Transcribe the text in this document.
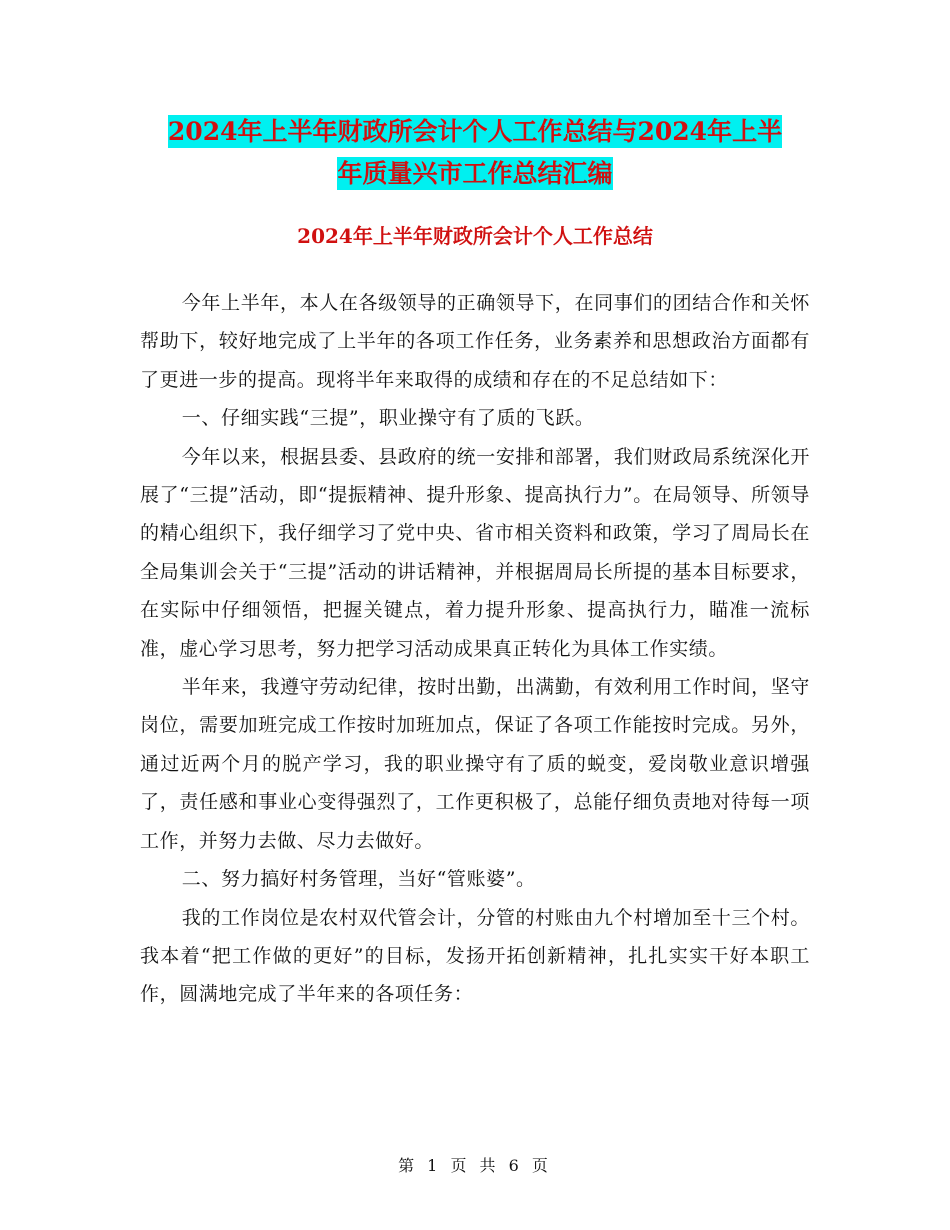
2024年上半年财政所会计个人工作总结与2024年上半
年质量兴市工作总结汇编
2024年上半年财政所会计个人工作总结

今年上半年，本人在各级领导的正确领导下，在同事们的团结合作和关怀帮助下，较好地完成了上半年的各项工作任务，业务素养和思想政治方面都有了更进一步的提高。现将半年来取得的成绩和存在的不足总结如下：

一、仔细实践“三提”，职业操守有了质的飞跃。

今年以来，根据县委、县政府的统一安排和部署，我们财政局系统深化开展了“三提”活动，即“提振精神、提升形象、提高执行力”。在局领导、所领导的精心组织下，我仔细学习了党中央、省市相关资料和政策，学习了周局长在全局集训会关于“三提”活动的讲话精神，并根据周局长所提的基本目标要求，在实际中仔细领悟，把握关键点，着力提升形象、提高执行力，瞄准一流标准，虚心学习思考，努力把学习活动成果真正转化为具体工作实绩。

半年来，我遵守劳动纪律，按时出勤，出满勤，有效利用工作时间，坚守岗位，需要加班完成工作按时加班加点，保证了各项工作能按时完成。另外，通过近两个月的脱产学习，我的职业操守有了质的蜕变，爱岗敬业意识增强了，责任感和事业心变得强烈了，工作更积极了，总能仔细负责地对待每一项工作，并努力去做、尽力去做好。

二、努力搞好村务管理，当好“管账婆”。

我的工作岗位是农村双代管会计，分管的村账由九个村增加至十三个村。我本着“把工作做的更好”的目标，发扬开拓创新精神，扎扎实实干好本职工作，圆满地完成了半年来的各项任务：

第 1 页 共 6 页
